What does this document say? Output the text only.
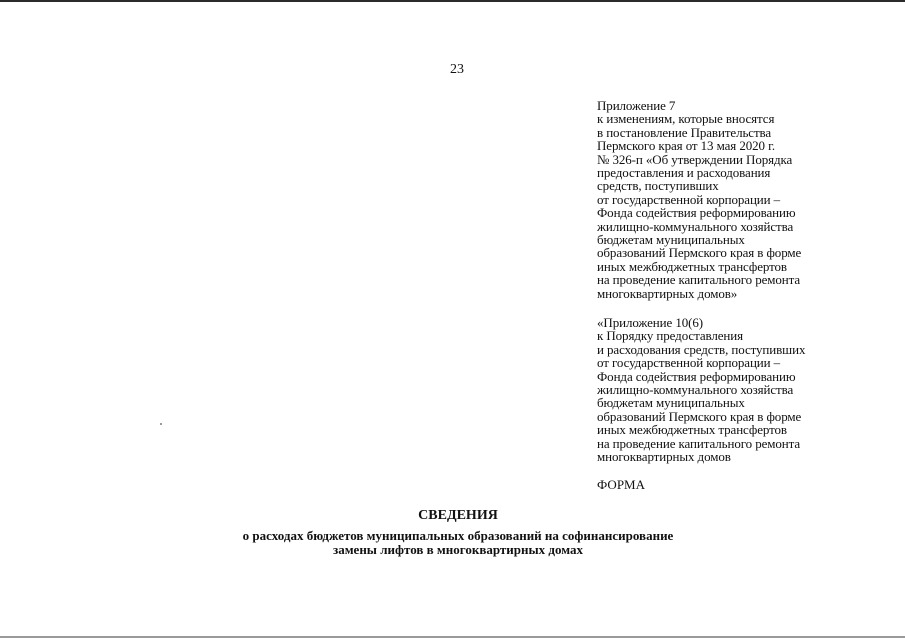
23
Приложение 7
к изменениям, которые вносятся
в постановление Правительства
Пермского края от 13 мая 2020 г.
№ 326-п «Об утверждении Порядка
предоставления и расходования
средств, поступивших
от государственной корпорации –
Фонда содействия реформированию
жилищно-коммунального хозяйства
бюджетам муниципальных
образований Пермского края в форме
иных межбюджетных трансфертов
на проведение капитального ремонта
многоквартирных домов»
«Приложение 10(6)
к Порядку предоставления
и расходования средств, поступивших
от государственной корпорации –
Фонда содействия реформированию
жилищно-коммунального хозяйства
бюджетам муниципальных
образований Пермского края в форме
иных межбюджетных трансфертов
на проведение капитального ремонта
многоквартирных домов
ФОРМА
СВЕДЕНИЯ
о расходах бюджетов муниципальных образований на софинансирование
замены лифтов в многоквартирных домах
